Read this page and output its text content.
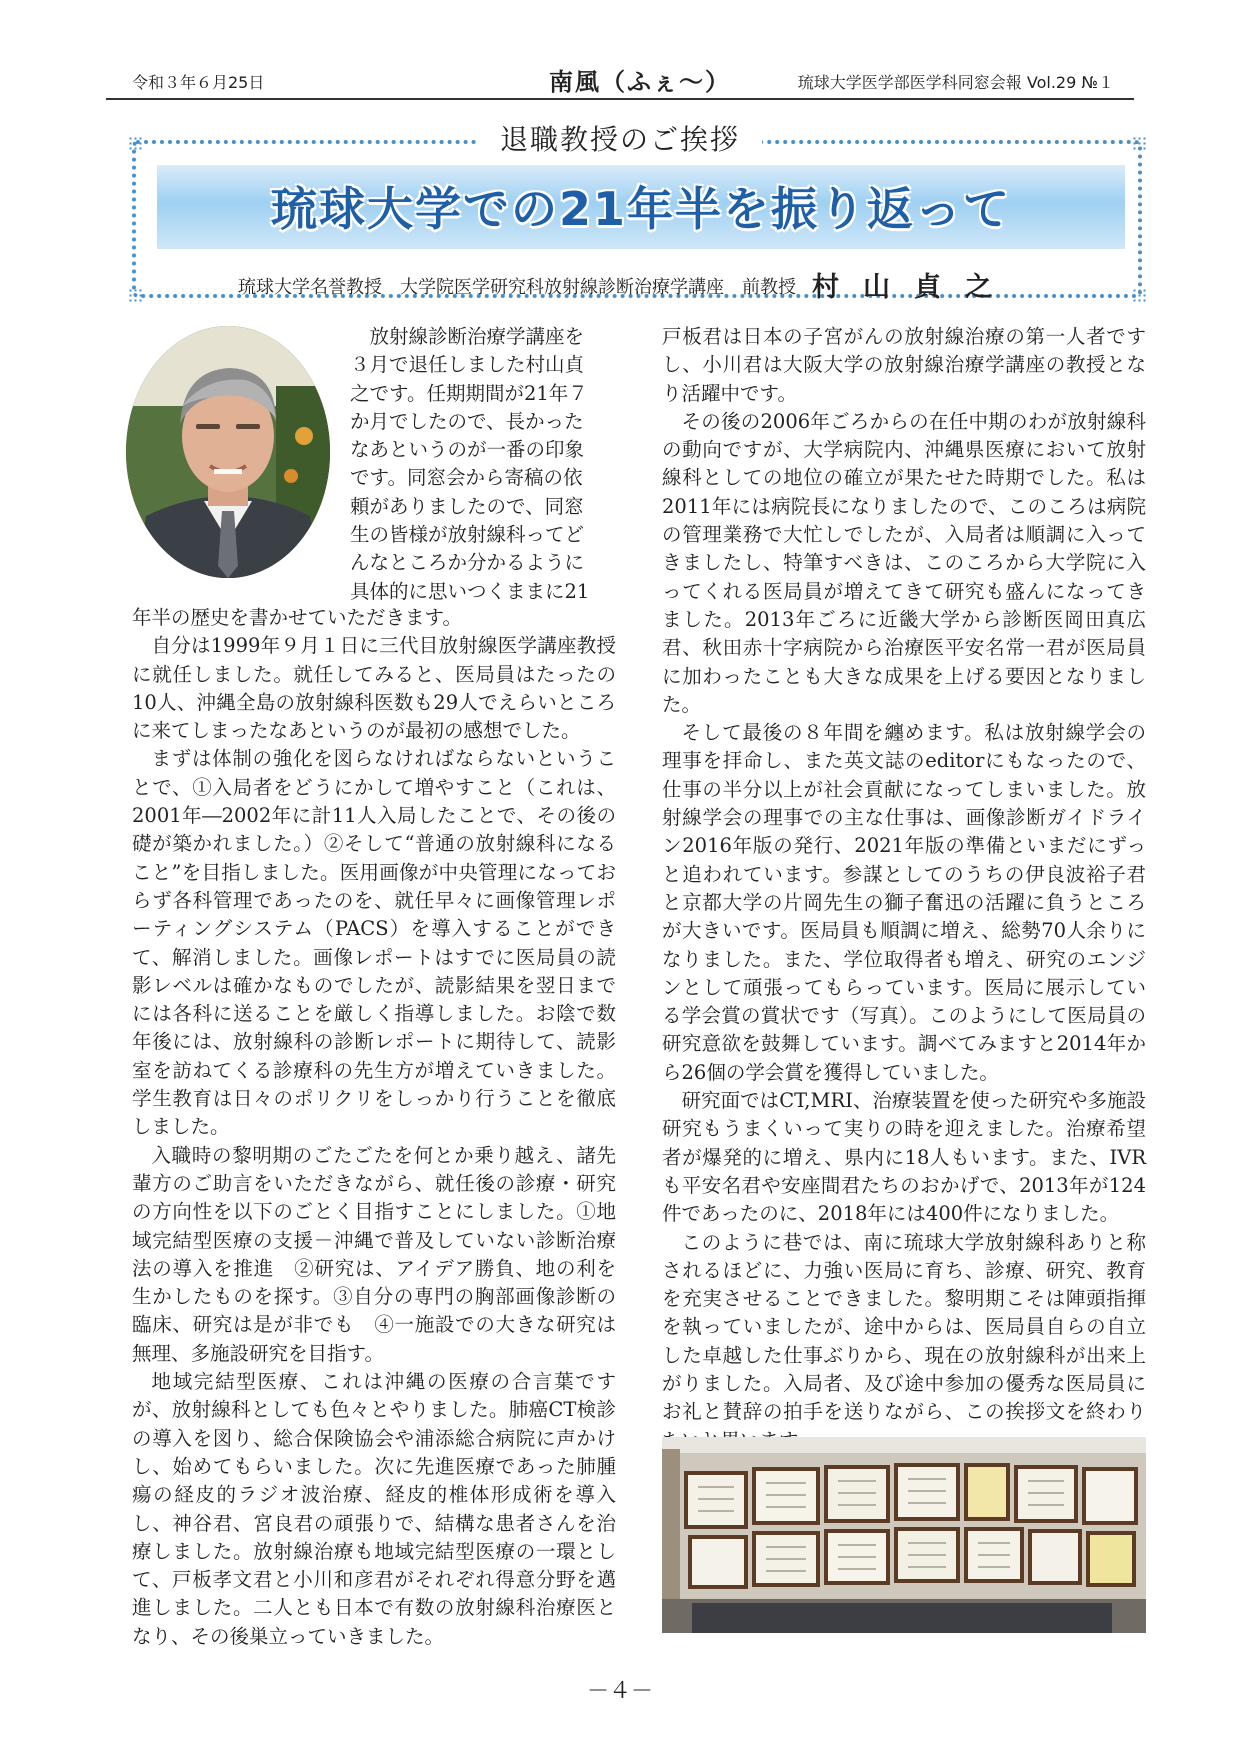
令和３年６月25日	南風（ふぇ〜）	琉球大学医学部医学科同窓会報 Vol.29 №１
退職教授のご挨拶
琉球大学での21年半を振り返って
琉球大学名誉教授　大学院医学研究科放射線診断治療学講座　前教授 村山貞之
放射線診断治療学講座を
３月で退任しました村山貞
之です。任期期間が21年７
か月でしたので、長かった
なあというのが一番の印象
です。同窓会から寄稿の依
頼がありましたので、同窓
生の皆様が放射線科ってど
んなところか分かるように
具体的に思いつくままに21

年半の歴史を書かせていただきます。

自分は1999年９月１日に三代目放射線医学講座教授に就任しました。就任してみると、医局員はたったの10人、沖縄全島の放射線科医数も29人でえらいところに来てしまったなあというのが最初の感想でした。

まずは体制の強化を図らなければならないということで、①入局者をどうにかして増やすこと（これは、2001年―2002年に計11人入局したことで、その後の礎が築かれました。）②そして“普通の放射線科になること”を目指しました。医用画像が中央管理になっておらず各科管理であったのを、就任早々に画像管理レポーティングシステム（PACS）を導入することができて、解消しました。画像レポートはすでに医局員の読影レベルは確かなものでしたが、読影結果を翌日までには各科に送ることを厳しく指導しました。お陰で数年後には、放射線科の診断レポートに期待して、読影室を訪ねてくる診療科の先生方が増えていきました。学生教育は日々のポリクリをしっかり行うことを徹底しました。

入職時の黎明期のごたごたを何とか乗り越え、諸先輩方のご助言をいただきながら、就任後の診療・研究の方向性を以下のごとく目指すことにしました。①地域完結型医療の支援－沖縄で普及していない診断治療法の導入を推進　②研究は、アイデア勝負、地の利を生かしたものを探す。③自分の専門の胸部画像診断の臨床、研究は是が非でも　④一施設での大きな研究は無理、多施設研究を目指す。

地域完結型医療、これは沖縄の医療の合言葉ですが、放射線科としても色々とやりました。肺癌CT検診の導入を図り、総合保険協会や浦添総合病院に声かけし、始めてもらいました。次に先進医療であった肺腫瘍の経皮的ラジオ波治療、経皮的椎体形成術を導入し、神谷君、宮良君の頑張りで、結構な患者さんを治療しました。放射線治療も地域完結型医療の一環として、戸板孝文君と小川和彦君がそれぞれ得意分野を邁進しました。二人とも日本で有数の放射線科治療医となり、その後巣立っていきました。

戸板君は日本の子宮がんの放射線治療の第一人者ですし、小川君は大阪大学の放射線治療学講座の教授となり活躍中です。

その後の2006年ごろからの在任中期のわが放射線科の動向ですが、大学病院内、沖縄県医療において放射線科としての地位の確立が果たせた時期でした。私は2011年には病院長になりましたので、このころは病院の管理業務で大忙しでしたが、入局者は順調に入ってきましたし、特筆すべきは、このころから大学院に入ってくれる医局員が増えてきて研究も盛んになってきました。2013年ごろに近畿大学から診断医岡田真広君、秋田赤十字病院から治療医平安名常一君が医局員に加わったことも大きな成果を上げる要因となりました。

そして最後の８年間を纏めます。私は放射線学会の理事を拝命し、また英文誌のeditorにもなったので、仕事の半分以上が社会貢献になってしまいました。放射線学会の理事での主な仕事は、画像診断ガイドライン2016年版の発行、2021年版の準備といまだにずっと追われています。参謀としてのうちの伊良波裕子君と京都大学の片岡先生の獅子奮迅の活躍に負うところが大きいです。医局員も順調に増え、総勢70人余りになりました。また、学位取得者も増え、研究のエンジンとして頑張ってもらっています。医局に展示している学会賞の賞状です（写真）。このようにして医局員の研究意欲を鼓舞しています。調べてみますと2014年から26個の学会賞を獲得していました。

研究面ではCT,MRI、治療装置を使った研究や多施設研究もうまくいって実りの時を迎えました。治療希望者が爆発的に増え、県内に18人もいます。また、IVRも平安名君や安座間君たちのおかげで、2013年が124件であったのに、2018年には400件になりました。

このように巷では、南に琉球大学放射線科ありと称されるほどに、力強い医局に育ち、診療、研究、教育を充実させることできました。黎明期こそは陣頭指揮を執っていましたが、途中からは、医局員自らの自立した卓越した仕事ぶりから、現在の放射線科が出来上がりました。入局者、及び途中参加の優秀な医局員にお礼と賛辞の拍手を送りながら、この挨拶文を終わり

－４－
